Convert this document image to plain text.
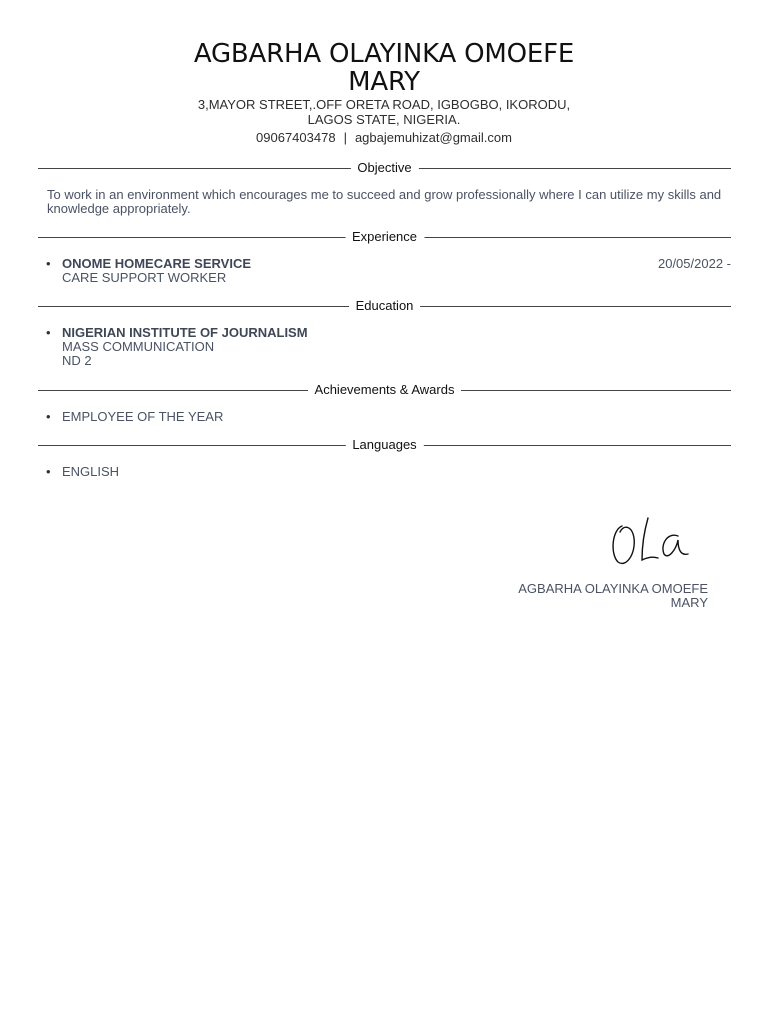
AGBARHA OLAYINKA OMOEFE
MARY
3,MAYOR STREET,.OFF ORETA ROAD, IGBOGBO, IKORODU, LAGOS STATE, NIGERIA.
09067403478 | agbajemuhizat@gmail.com
Objective
To work in an environment which encourages me to succeed and grow professionally where I can utilize my skills and knowledge appropriately.
Experience
• ONOME HOMECARE SERVICE
CARE SUPPORT WORKER
20/05/2022 -
Education
• NIGERIAN INSTITUTE OF JOURNALISM
MASS COMMUNICATION
ND 2
Achievements & Awards
• EMPLOYEE OF THE YEAR
Languages
• ENGLISH
AGBARHA OLAYINKA OMOEFE MARY
